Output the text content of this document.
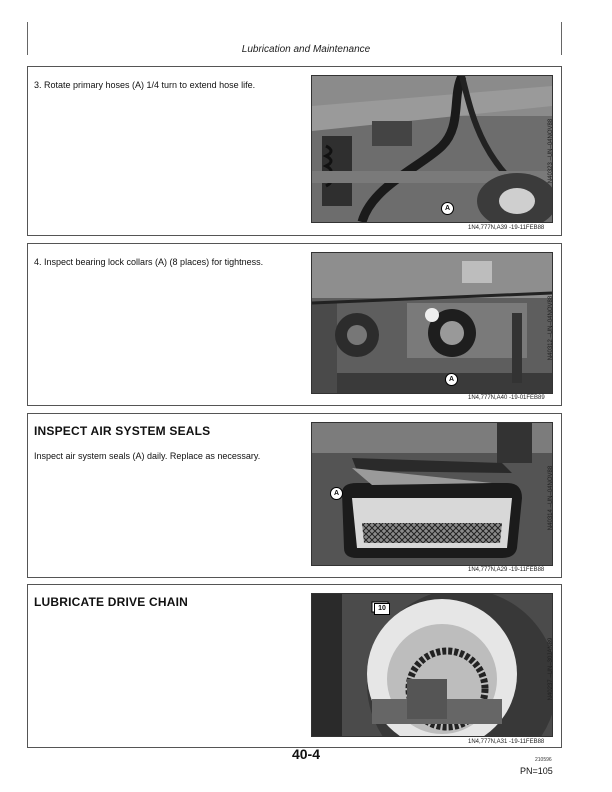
Lubrication and Maintenance
3. Rotate primary hoses (A) 1/4 turn to extend hose life.
A
N40323 –UN–04NOV88
1N4,777N,A39 -19-11FEB88
4. Inspect bearing lock collars (A) (8 places) for tightness.
A
N40312 –UN–04NOV88
1N4,777N,A40 -19-01FEB89
INSPECT AIR SYSTEM SEALS
Inspect air system seals (A) daily. Replace as necessary.
A	N40314 –UN–04NOV88
1N4,777N,A29 -19-11FEB88
LUBRICATE DRIVE CHAIN	10
N40237 –UN–30JAN89
1N4,777N,A31 -19-11FEB88
40-4	210596
PN=105
